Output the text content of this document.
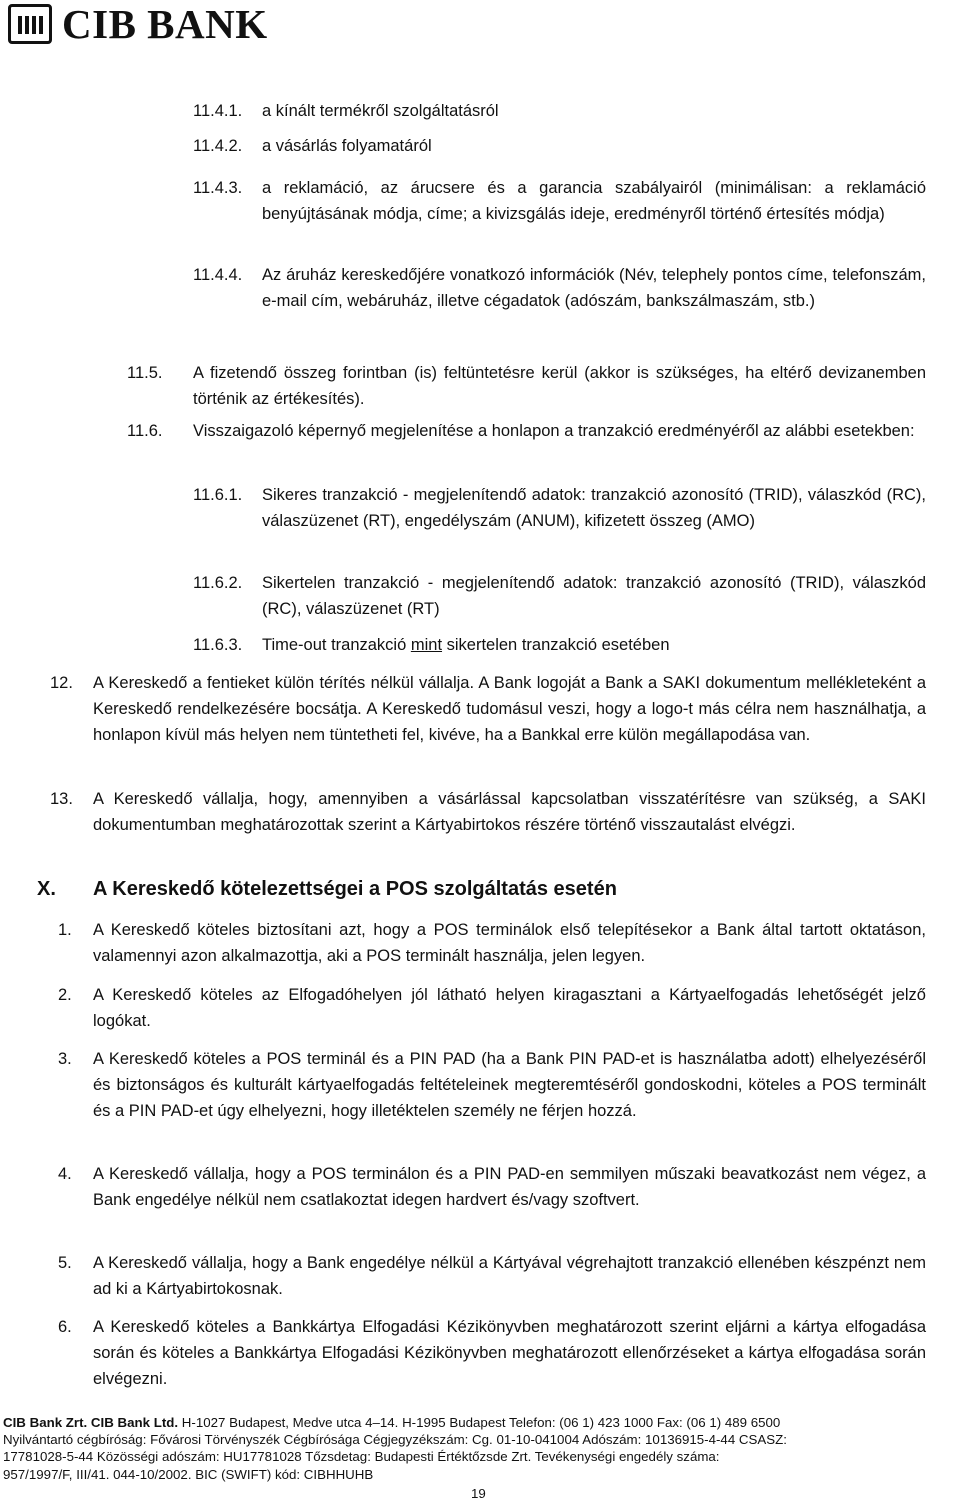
CIB BANK
11.4.1. a kínált termékről szolgáltatásról
11.4.2. a vásárlás folyamatáról
11.4.3. a reklamáció, az árucsere és a garancia szabályairól (minimálisan: a reklamáció benyújtásának módja, címe; a kivizsgálás ideje, eredményről történő értesítés módja)
11.4.4. Az áruház kereskedőjére vonatkozó információk (Név, telephely pontos címe, telefonszám, e-mail cím, webáruház, illetve cégadatok (adószám, bankszálmaszám, stb.)
11.5. A fizetendő összeg forintban (is) feltüntetésre kerül (akkor is szükséges, ha eltérő devizanemben történik az értékesítés).
11.6. Visszaigazoló képernyő megjelenítése a honlapon a tranzakció eredményéről az alábbi esetekben:
11.6.1. Sikeres tranzakció - megjelenítendő adatok: tranzakció azonosító (TRID), válaszkód (RC), válaszüzenet (RT), engedélyszám (ANUM), kifizetett összeg (AMO)
11.6.2. Sikertelen tranzakció - megjelenítendő adatok: tranzakció azonosító (TRID), válaszkód (RC), válaszüzenet (RT)
11.6.3. Time-out tranzakció mint sikertelen tranzakció esetében
12. A Kereskedő a fentieket külön térítés nélkül vállalja. A Bank logoját a Bank a SAKI dokumentum mellékleteként a Kereskedő rendelkezésére bocsátja. A Kereskedő tudomásul veszi, hogy a logo-t más célra nem használhatja, a honlapon kívül más helyen nem tüntetheti fel, kivéve, ha a Bankkal erre külön megállapodása van.
13. A Kereskedő vállalja, hogy, amennyiben a vásárlással kapcsolatban visszatérítésre van szükség, a SAKI dokumentumban meghatározottak szerint a Kártyabirtokos részére történő visszautalást elvégzi.
X. A Kereskedő kötelezettségei a POS szolgáltatás esetén
1. A Kereskedő köteles biztosítani azt, hogy a POS terminálok első telepítésekor a Bank által tartott oktatáson, valamennyi azon alkalmazottja, aki a POS terminált használja, jelen legyen.
2. A Kereskedő köteles az Elfogadóhelyen jól látható helyen kiragasztani a Kártyaelfogadás lehetőségét jelző logókat.
3. A Kereskedő köteles a POS terminál és a PIN PAD (ha a Bank PIN PAD-et is használatba adott) elhelyezéséről és biztonságos és kulturált kártyaelfogadás feltételeinek megteremtéséről gondoskodni, köteles a POS terminált és a PIN PAD-et úgy elhelyezni, hogy illetéktelen személy ne férjen hozzá.
4. A Kereskedő vállalja, hogy a POS terminálon és a PIN PAD-en semmilyen műszaki beavatkozást nem végez, a Bank engedélye nélkül nem csatlakoztat idegen hardvert és/vagy szoftvert.
5. A Kereskedő vállalja, hogy a Bank engedélye nélkül a Kártyával végrehajtott tranzakció ellenében készpénzt nem ad ki a Kártyabirtokosnak.
6. A Kereskedő köteles a Bankkártya Elfogadási Kézikönyvben meghatározott szerint eljárni a kártya elfogadása során és köteles a Bankkártya Elfogadási Kézikönyvben meghatározott ellenőrzéseket a kártya elfogadása során elvégezni.
CIB Bank Zrt. CIB Bank Ltd. H-1027 Budapest, Medve utca 4–14. H-1995 Budapest Telefon: (06 1) 423 1000 Fax: (06 1) 489 6500
Nyilvántartó cégbíróság: Fővárosi Törvényszék Cégbírósága Cégjegyzékszám: Cg. 01-10-041004 Adószám: 10136915-4-44 CSASZ:
17781028-5-44 Közösségi adószám: HU17781028 Tőzsdetag: Budapesti Értéktőzsde Zrt. Tevékenységi engedély száma:
957/1997/F, III/41. 044-10/2002. BIC (SWIFT) kód: CIBHHUHB
19
